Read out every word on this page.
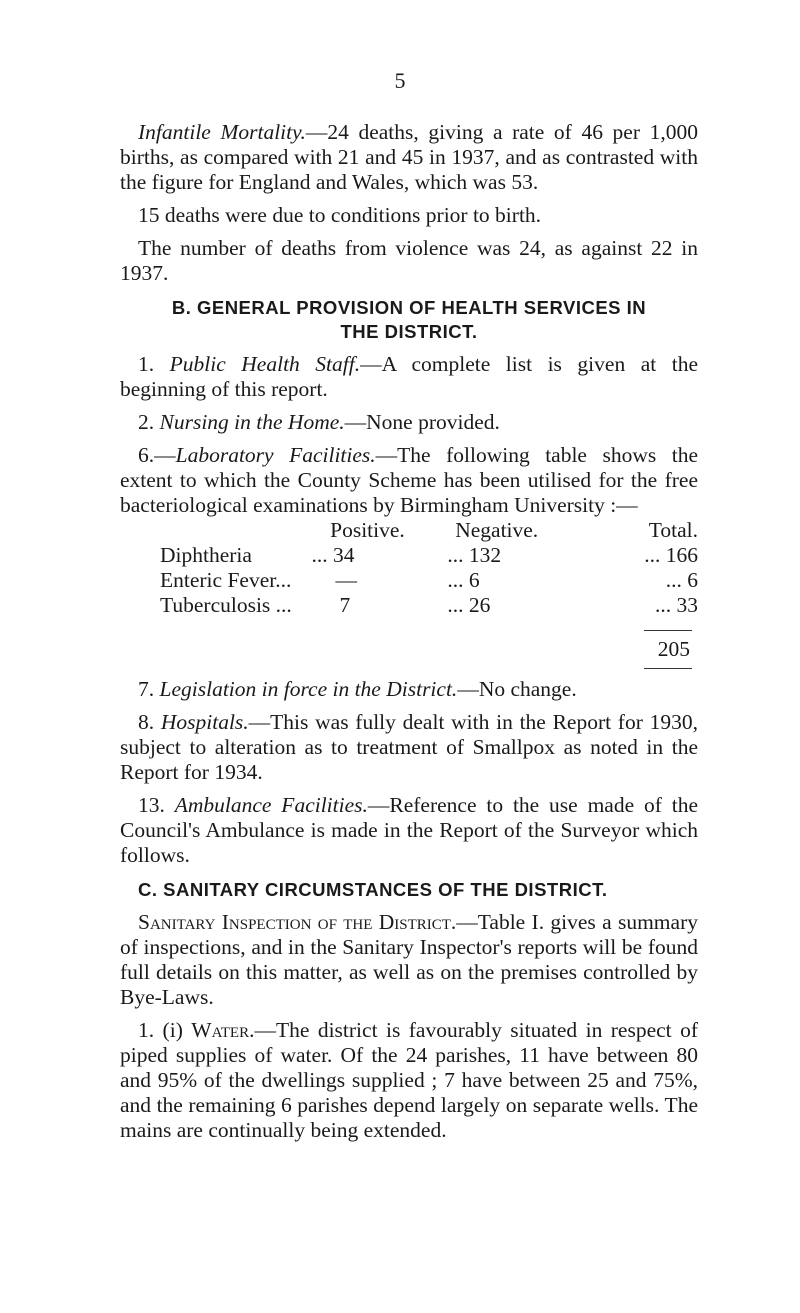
5

Infantile Mortality.—24 deaths, giving a rate of 46 per 1,000 births, as compared with 21 and 45 in 1937, and as contrasted with the figure for England and Wales, which was 53.

15 deaths were due to conditions prior to birth.

The number of deaths from violence was 24, as against 22 in 1937.

B. GENERAL PROVISION OF HEALTH SERVICES IN
THE DISTRICT.

1. Public Health Staff.—A complete list is given at the beginning of this report.

2. Nursing in the Home.—None provided.

6.—Laboratory Facilities.—The following table shows the extent to which the County Scheme has been utilised for the free bacteriological examinations by Birmingham University :—

	Positive.	Negative.	Total.
Diphtheria	... 34	... 132	... 166
Enteric Fever...	—	... 6	... 6
Tuberculosis ...	7	... 26	... 33
205

7. Legislation in force in the District.—No change.

8. Hospitals.—This was fully dealt with in the Report for 1930, subject to alteration as to treatment of Smallpox as noted in the Report for 1934.

13. Ambulance Facilities.—Reference to the use made of the Council's Ambulance is made in the Report of the Surveyor which follows.

C. SANITARY CIRCUMSTANCES OF THE DISTRICT.

Sanitary Inspection of the District.—Table I. gives a summary of inspections, and in the Sanitary Inspector's reports will be found full details on this matter, as well as on the premises controlled by Bye-Laws.

1. (i) Water.—The district is favourably situated in respect of piped supplies of water. Of the 24 parishes, 11 have between 80 and 95% of the dwellings supplied ; 7 have between 25 and 75%, and the remaining 6 parishes depend largely on separate wells. The mains are continually being extended.
